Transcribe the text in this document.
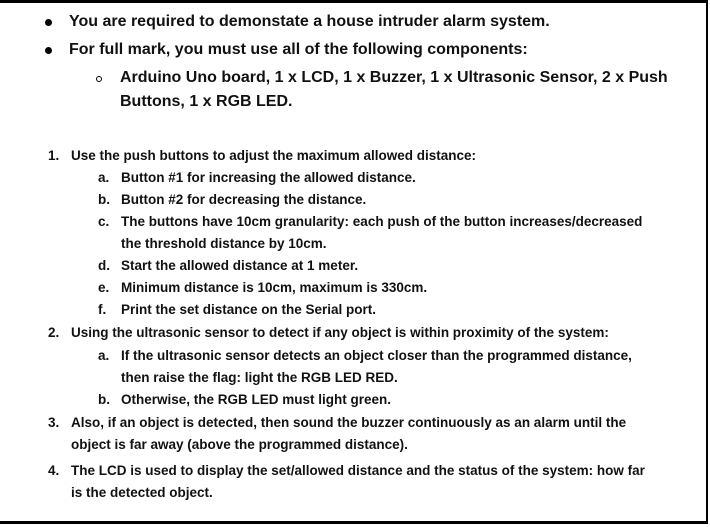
You are required to demonstate a house intruder alarm system.
For full mark, you must use all of the following components:
Arduino Uno board, 1 x LCD, 1 x Buzzer, 1 x Ultrasonic Sensor, 2 x Push
Buttons, 1 x RGB LED.
1. Use the push buttons to adjust the maximum allowed distance:
a. Button #1 for increasing the allowed distance.
b. Button #2 for decreasing the distance.
c. The buttons have 10cm granularity: each push of the button increases/decreased
the threshold distance by 10cm.
d. Start the allowed distance at 1 meter.
e. Minimum distance is 10cm, maximum is 330cm.
f. Print the set distance on the Serial port.
2. Using the ultrasonic sensor to detect if any object is within proximity of the system:
a. If the ultrasonic sensor detects an object closer than the programmed distance,
then raise the flag: light the RGB LED RED.
b. Otherwise, the RGB LED must light green.
3. Also, if an object is detected, then sound the buzzer continuously as an alarm until the
object is far away (above the programmed distance).
4. The LCD is used to display the set/allowed distance and the status of the system: how far
is the detected object.
